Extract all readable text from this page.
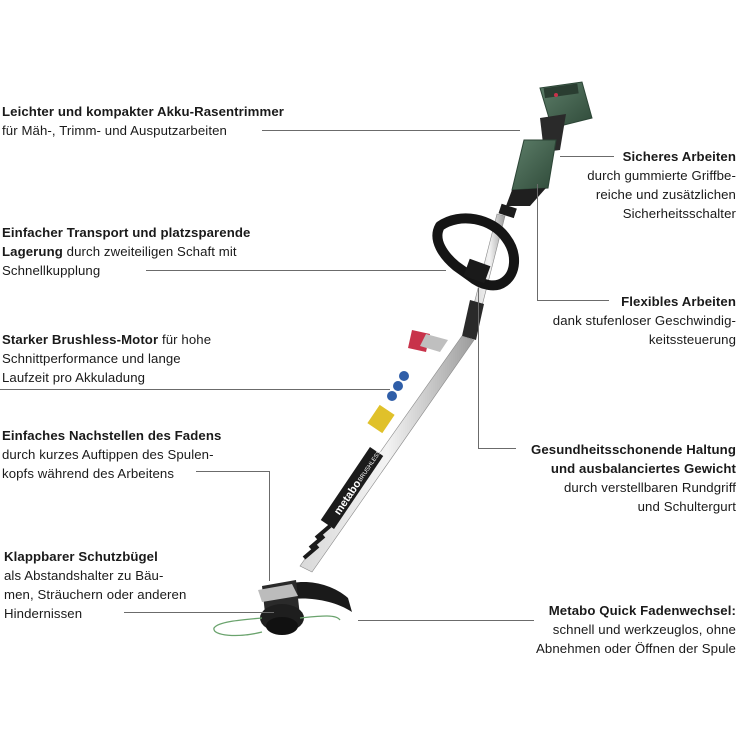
metabo
BRUSHLESS
Leichter und kompakter Akku-Rasentrimmer
für Mäh-, Trimm- und Ausputzarbeiten
Einfacher Transport und platzsparende
Lagerung durch zweiteiligen Schaft mit
Schnellkupplung
Starker Brushless-Motor für hohe
Schnittperformance und lange
Laufzeit pro Akkuladung
Einfaches Nachstellen des Fadens
durch kurzes Auftippen des Spulen-
kopfs während des Arbeitens
Klappbarer Schutzbügel
als Abstandshalter zu Bäu-
men, Sträuchern oder anderen
Hindernissen
Sicheres Arbeiten
durch gummierte Griffbe-
reiche und zusätzlichen
Sicherheitsschalter
Flexibles Arbeiten
dank stufenloser Geschwindig-
keitssteuerung
Gesundheitsschonende Haltung
und ausbalanciertes Gewicht
durch verstellbaren Rundgriff
und Schultergurt
Metabo Quick Fadenwechsel:
schnell und werkzeuglos, ohne
Abnehmen oder Öffnen der Spule
